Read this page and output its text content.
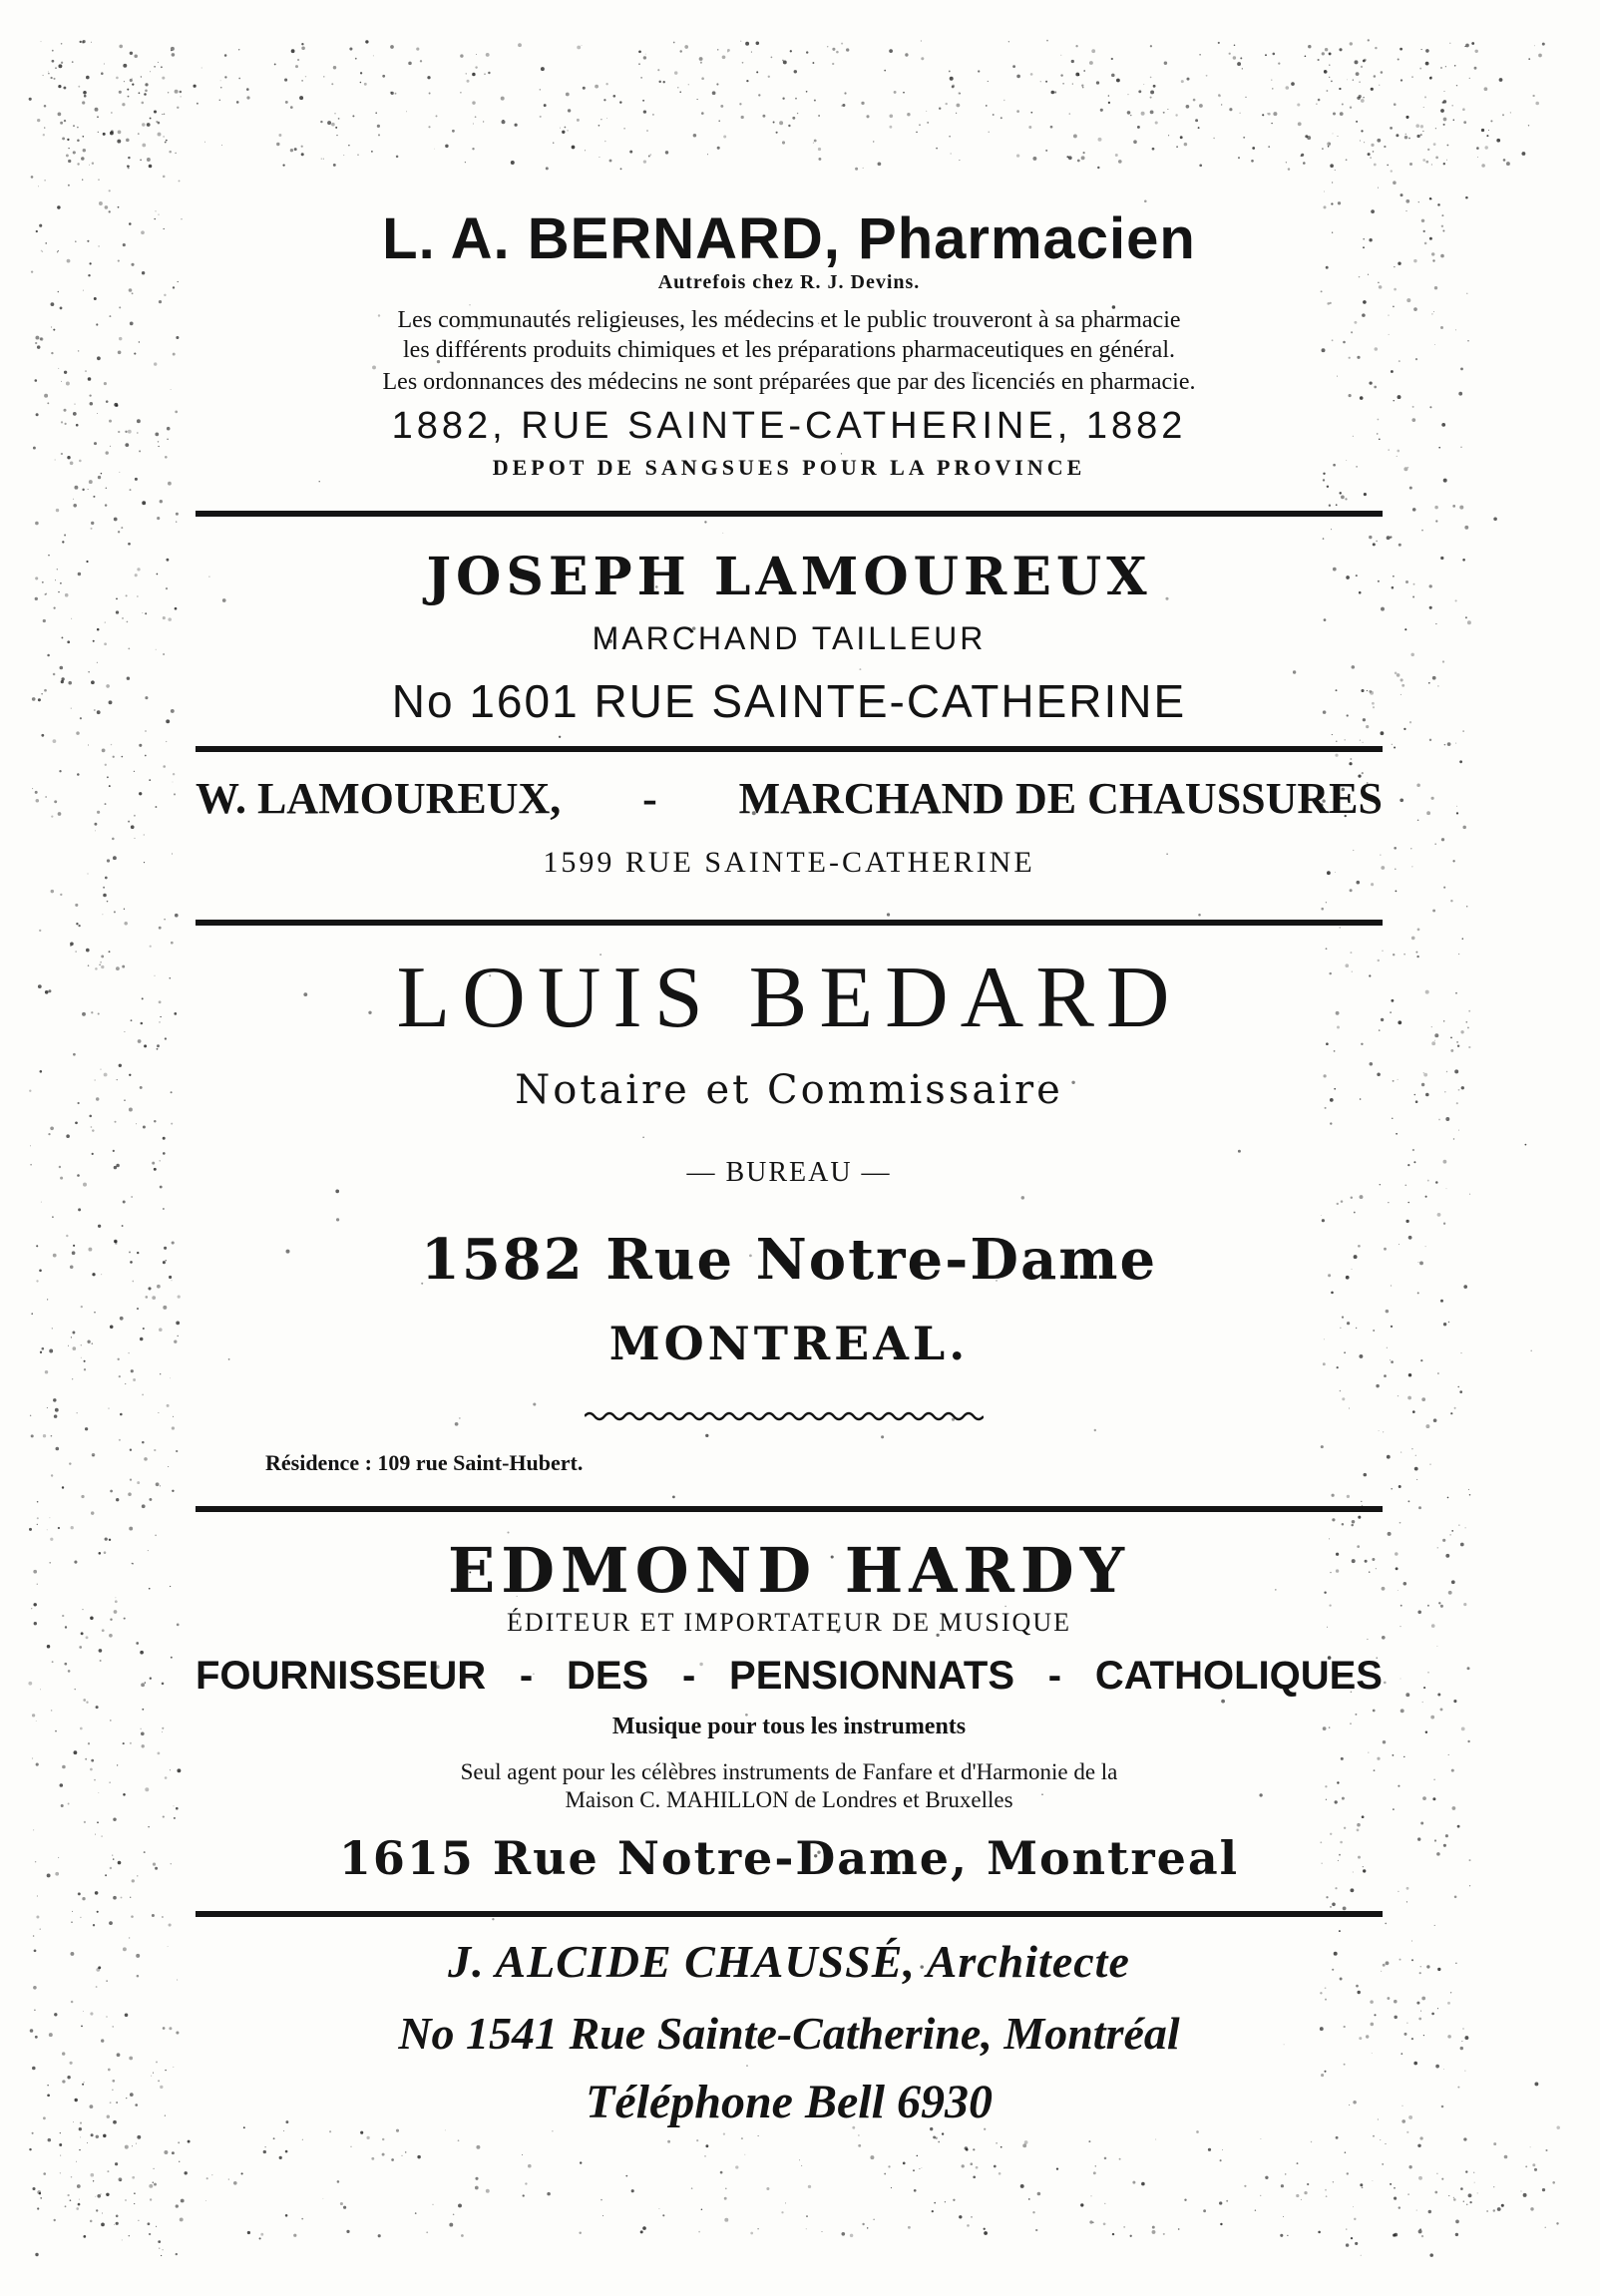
L. A. BERNARD, Pharmacien
Autrefois chez R. J. Devins.
Les communautés religieuses, les médecins et le public trouveront à sa pharmacie
les différents produits chimiques et les préparations pharmaceutiques en général.
Les ordonnances des médecins ne sont préparées que par des licenciés en pharmacie.
1882, RUE SAINTE-CATHERINE, 1882
DEPOT DE SANGSUES POUR LA PROVINCE
JOSEPH LAMOUREUX
MARCHAND TAILLEUR
No 1601 RUE SAINTE-CATHERINE
W. LAMOUREUX, - MARCHAND DE CHAUSSURES
1599 RUE SAINTE-CATHERINE
LOUIS BEDARD
Notaire et Commissaire
— BUREAU —
1582 Rue Notre-Dame
MONTREAL.
Résidence : 109 rue Saint-Hubert.
EDMOND HARDY
ÉDITEUR ET IMPORTATEUR DE MUSIQUE
FOURNISSEUR - DES - PENSIONNATS - CATHOLIQUES
Musique pour tous les instruments
Seul agent pour les célèbres instruments de Fanfare et d'Harmonie de la
Maison C. MAHILLON de Londres et Bruxelles
1615 Rue Notre-Dame, Montreal
J. ALCIDE CHAUSSÉ, Architecte
No 1541 Rue Sainte-Catherine, Montréal
Téléphone Bell 6930
